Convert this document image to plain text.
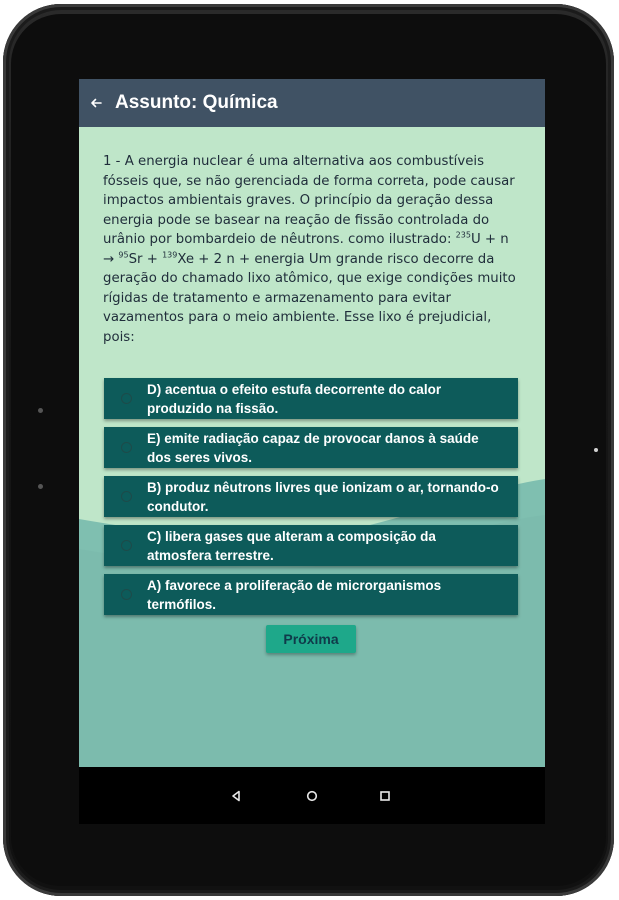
Assunto: Química
1 - A energia nuclear é uma alternativa aos combustíveis fósseis que, se não gerenciada de forma correta, pode causar impactos ambientais graves. O princípio da geração dessa energia pode se basear na reação de fissão controlada do urânio por bombardeio de nêutrons. como ilustrado: $^{235}$U + n → $^{95}$Sr + $^{139}$Xe + 2 n + energia Um grande risco decorre da geração do chamado lixo atômico, que exige condições muito rígidas de tratamento e armazenamento para evitar vazamentos para o meio ambiente. Esse lixo é prejudicial, pois:
D) acentua o efeito estufa decorrente do calor produzido na fissão.
E) emite radiação capaz de provocar danos à saúde dos seres vivos.
B) produz nêutrons livres que ionizam o ar, tornando-o condutor.
C) libera gases que alteram a composição da atmosfera terrestre.
A) favorece a proliferação de microrganismos termófilos.
Próxima
